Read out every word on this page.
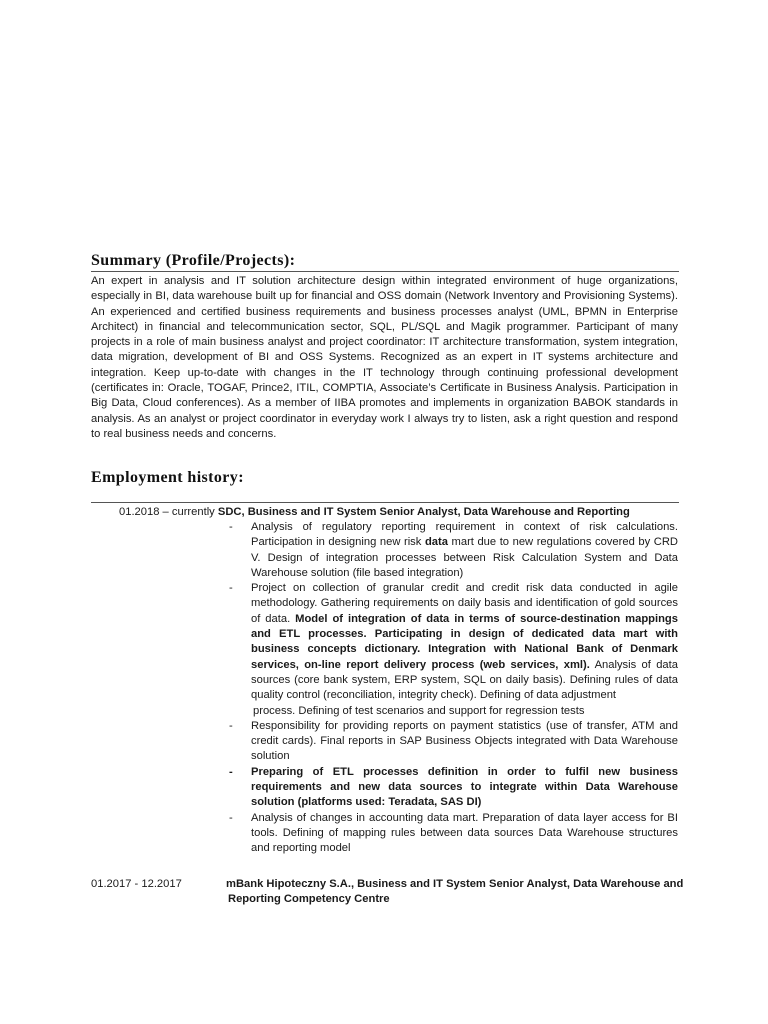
Summary (Profile/Projects):

An expert in analysis and IT solution architecture design within integrated environment of huge organizations, especially in BI, data warehouse built up for financial and OSS domain (Network Inventory and Provisioning Systems). An experienced and certified business requirements and business processes analyst (UML, BPMN in Enterprise Architect) in financial and telecommunication sector, SQL, PL/SQL and Magik programmer. Participant of many projects in a role of main business analyst and project coordinator: IT architecture transformation, system integration, data migration, development of BI and OSS Systems. Recognized as an expert in IT systems architecture and integration. Keep up-to-date with changes in the IT technology through continuing professional development (certificates in: Oracle, TOGAF, Prince2, ITIL, COMPTIA, Associate’s Certificate in Business Analysis. Participation in Big Data, Cloud conferences). As a member of IIBA promotes and implements in organization BABOK standards in analysis. As an analyst or project coordinator in everyday work I always try to listen, ask a right question and respond to real business needs and concerns.

Employment history:
01.2018 – currently SDC, Business and IT System Senior Analyst, Data Warehouse and Reporting
- Analysis of regulatory reporting requirement in context of risk calculations. Participation in designing new risk data mart due to new regulations covered by CRD V. Design of integration processes between Risk Calculation System and Data Warehouse solution (file based integration)
- Project on collection of granular credit and credit risk data conducted in agile methodology. Gathering requirements on daily basis and identification of gold sources of data. Model of integration of data in terms of source-destination mappings and ETL processes. Participating in design of dedicated data mart with business concepts dictionary. Integration with National Bank of Denmark services, on-line report delivery process (web services, xml). Analysis of data sources (core bank system, ERP system, SQL on daily basis). Defining rules of data quality control (reconciliation, integrity check). Defining of data adjustment
process. Defining of test scenarios and support for regression tests
- Responsibility for providing reports on payment statistics (use of transfer, ATM and credit cards). Final reports in SAP Business Objects integrated with Data Warehouse solution
- Preparing of ETL processes definition in order to fulfil new business requirements and new data sources to integrate within Data Warehouse solution (platforms used: Teradata, SAS DI)
- Analysis of changes in accounting data mart. Preparation of data layer access for BI tools. Defining of mapping rules between data sources Data Warehouse structures and reporting model
01.2017 - 12.2017	mBank Hipoteczny S.A., Business and IT System Senior Analyst, Data Warehouse and
Reporting Competency Centre
